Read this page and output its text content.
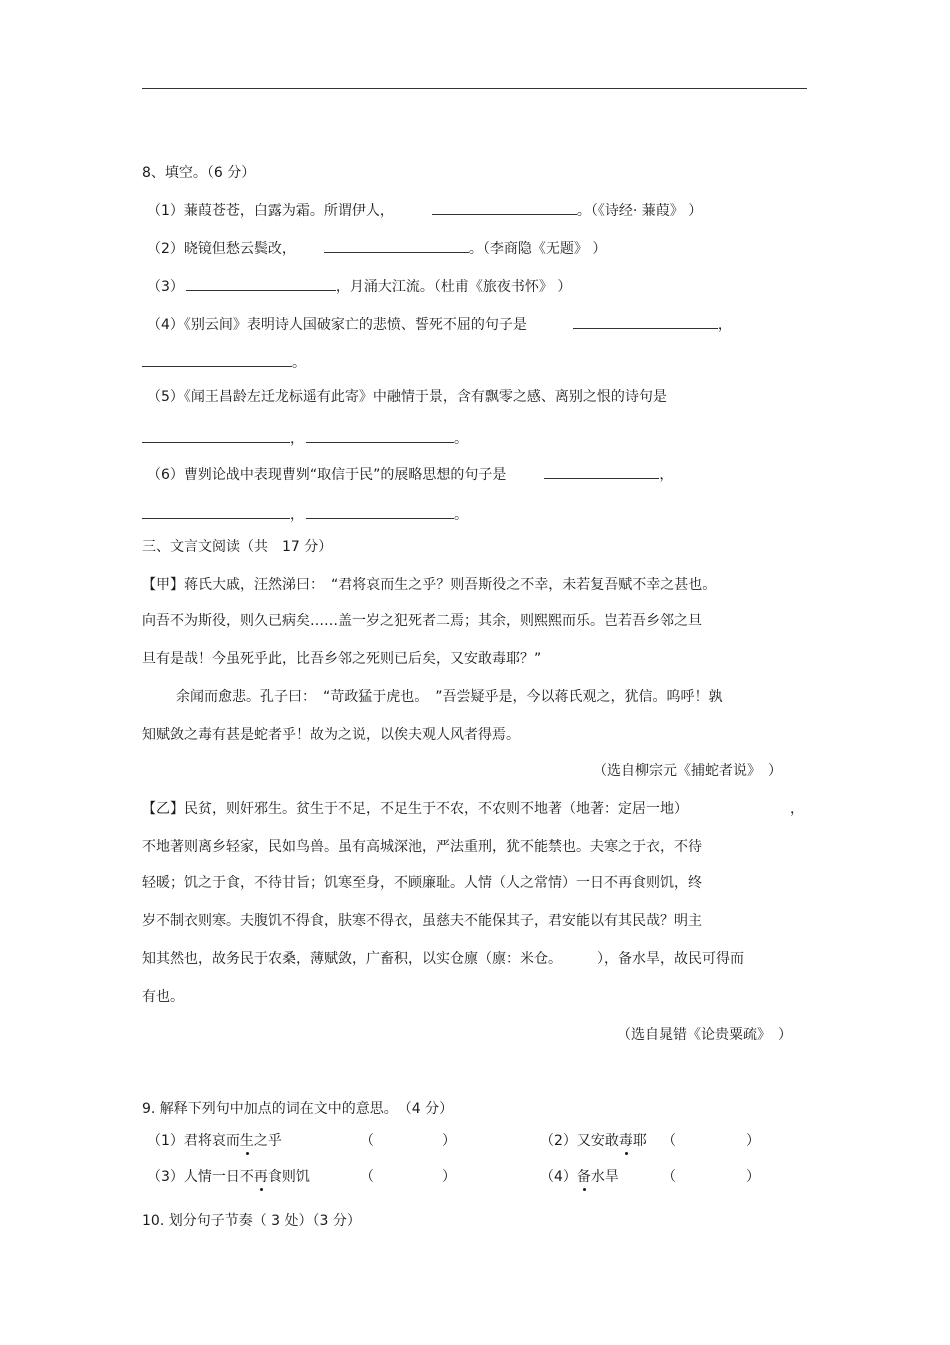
8、填空。（6 分）
（1）蒹葭苍苍，白露为霜。所谓伊人，	。（《诗经· 蒹葭》 ）
（2）晓镜但愁云鬓改，	。（李商隐《无题》 ）
（3）	，月涌大江流。（杜甫《旅夜书怀》 ）
（4）《别云间》表明诗人国破家亡的悲愤、誓死不屈的句子是	，
。
（5）《闻王昌龄左迁龙标遥有此寄》中融情于景，含有飘零之感、离别之恨的诗句是
，	。
（6）曹刿论战中表现曹刿“取信于民”的展略思想的句子是	，
，	。
三、文言文阅读（共　17 分）
【甲】蒋氏大戚，汪然涕曰：　“君将哀而生之乎？则吾斯役之不幸，未若复吾赋不幸之甚也。
向吾不为斯役，则久已病矣……盖一岁之犯死者二焉；其余，则熙熙而乐。岂若吾乡邻之旦
旦有是哉！今虽死乎此，比吾乡邻之死则已后矣，又安敢毒耶？”
余闻而愈悲。孔子曰：　“苛政猛于虎也。　”吾尝疑乎是，今以蒋氏观之，犹信。呜呼！孰
知赋敛之毒有甚是蛇者乎！故为之说，以俟夫观人风者得焉。
（选自柳宗元《捕蛇者说》　）
【乙】民贫，则奸邪生。贫生于不足，不足生于不农，不农则不地著（地著：定居一地）	，
不地著则离乡轻家，民如鸟兽。虽有高城深池，严法重刑，犹不能禁也。夫寒之于衣，不待
轻暖；饥之于食，不待甘旨；饥寒至身，不顾廉耻。人情（人之常情）一日不再食则饥，终
岁不制衣则寒。夫腹饥不得食，肤寒不得衣，虽慈夫不能保其子，君安能以有其民哉？明主
知其然也，故务民于农桑，薄赋敛，广畜积，以实仓廪（廪：米仓。　　　），备水旱，故民可得而
有也。
（选自晁错《论贵粟疏》　）
9. 解释下列句中加点的词在文中的意思。　（4 分）
（1）君将哀而生之乎	（	）	（2）又安敢毒耶 （	）
（3）人情一日不再食则饥	（	）	（4）备水旱	（	）
10. 划分句子节奏（ 3 处）（3 分）
